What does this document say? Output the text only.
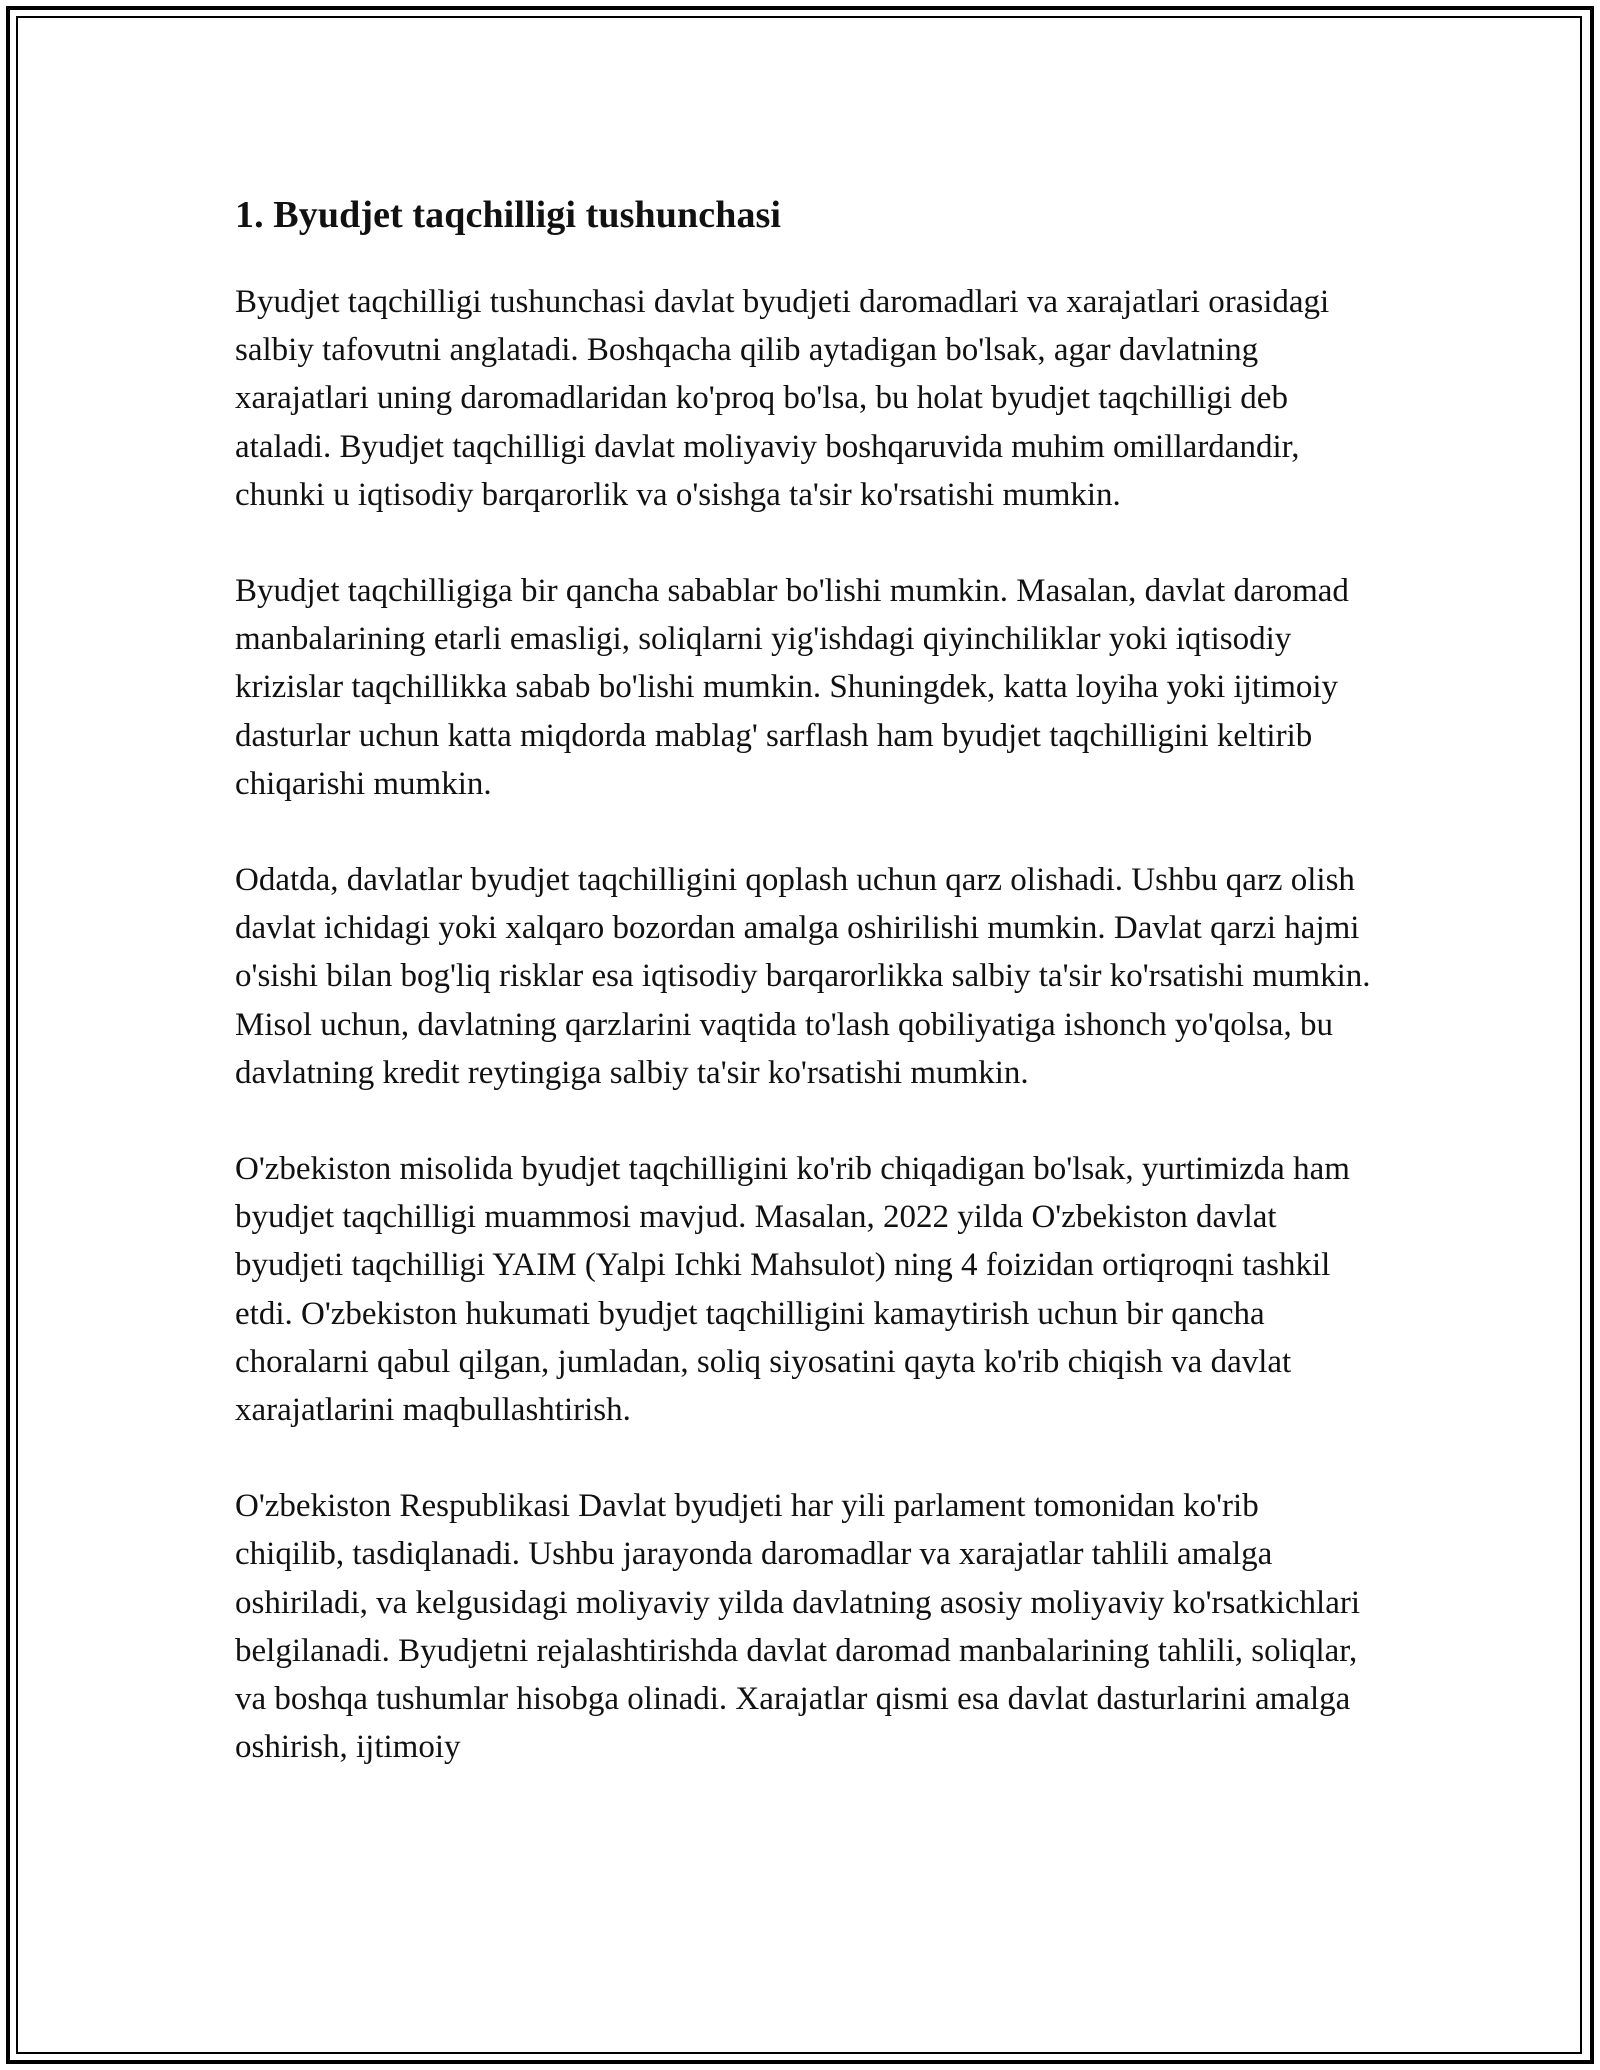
1. Byudjet taqchilligi tushunchasi

Byudjet taqchilligi tushunchasi davlat byudjeti daromadlari va xarajatlari orasidagi salbiy tafovutni anglatadi. Boshqacha qilib aytadigan bo'lsak, agar davlatning xarajatlari uning daromadlaridan ko'proq bo'lsa, bu holat byudjet taqchilligi deb ataladi. Byudjet taqchilligi davlat moliyaviy boshqaruvida muhim omillardandir, chunki u iqtisodiy barqarorlik va o'sishga ta'sir ko'rsatishi mumkin.

Byudjet taqchilligiga bir qancha sabablar bo'lishi mumkin. Masalan, davlat daromad manbalarining etarli emasligi, soliqlarni yig'ishdagi qiyinchiliklar yoki iqtisodiy krizislar taqchillikka sabab bo'lishi mumkin. Shuningdek, katta loyiha yoki ijtimoiy dasturlar uchun katta miqdorda mablag' sarflash ham byudjet taqchilligini keltirib chiqarishi mumkin.

Odatda, davlatlar byudjet taqchilligini qoplash uchun qarz olishadi. Ushbu qarz olish davlat ichidagi yoki xalqaro bozordan amalga oshirilishi mumkin. Davlat qarzi hajmi o'sishi bilan bog'liq risklar esa iqtisodiy barqarorlikka salbiy ta'sir ko'rsatishi mumkin. Misol uchun, davlatning qarzlarini vaqtida to'lash qobiliyatiga ishonch yo'qolsa, bu davlatning kredit reytingiga salbiy ta'sir ko'rsatishi mumkin.

O'zbekiston misolida byudjet taqchilligini ko'rib chiqadigan bo'lsak, yurtimizda ham byudjet taqchilligi muammosi mavjud. Masalan, 2022 yilda O'zbekiston davlat byudjeti taqchilligi YAIM (Yalpi Ichki Mahsulot) ning 4 foizidan ortiqroqni tashkil etdi. O'zbekiston hukumati byudjet taqchilligini kamaytirish uchun bir qancha choralarni qabul qilgan, jumladan, soliq siyosatini qayta ko'rib chiqish va davlat xarajatlarini maqbullashtirish.

O'zbekiston Respublikasi Davlat byudjeti har yili parlament tomonidan ko'rib chiqilib, tasdiqlanadi. Ushbu jarayonda daromadlar va xarajatlar tahlili amalga oshiriladi, va kelgusidagi moliyaviy yilda davlatning asosiy moliyaviy ko'rsatkichlari belgilanadi. Byudjetni rejalashtirishda davlat daromad manbalarining tahlili, soliqlar, va boshqa tushumlar hisobga olinadi. Xarajatlar qismi esa davlat dasturlarini amalga oshirish, ijtimoiy
